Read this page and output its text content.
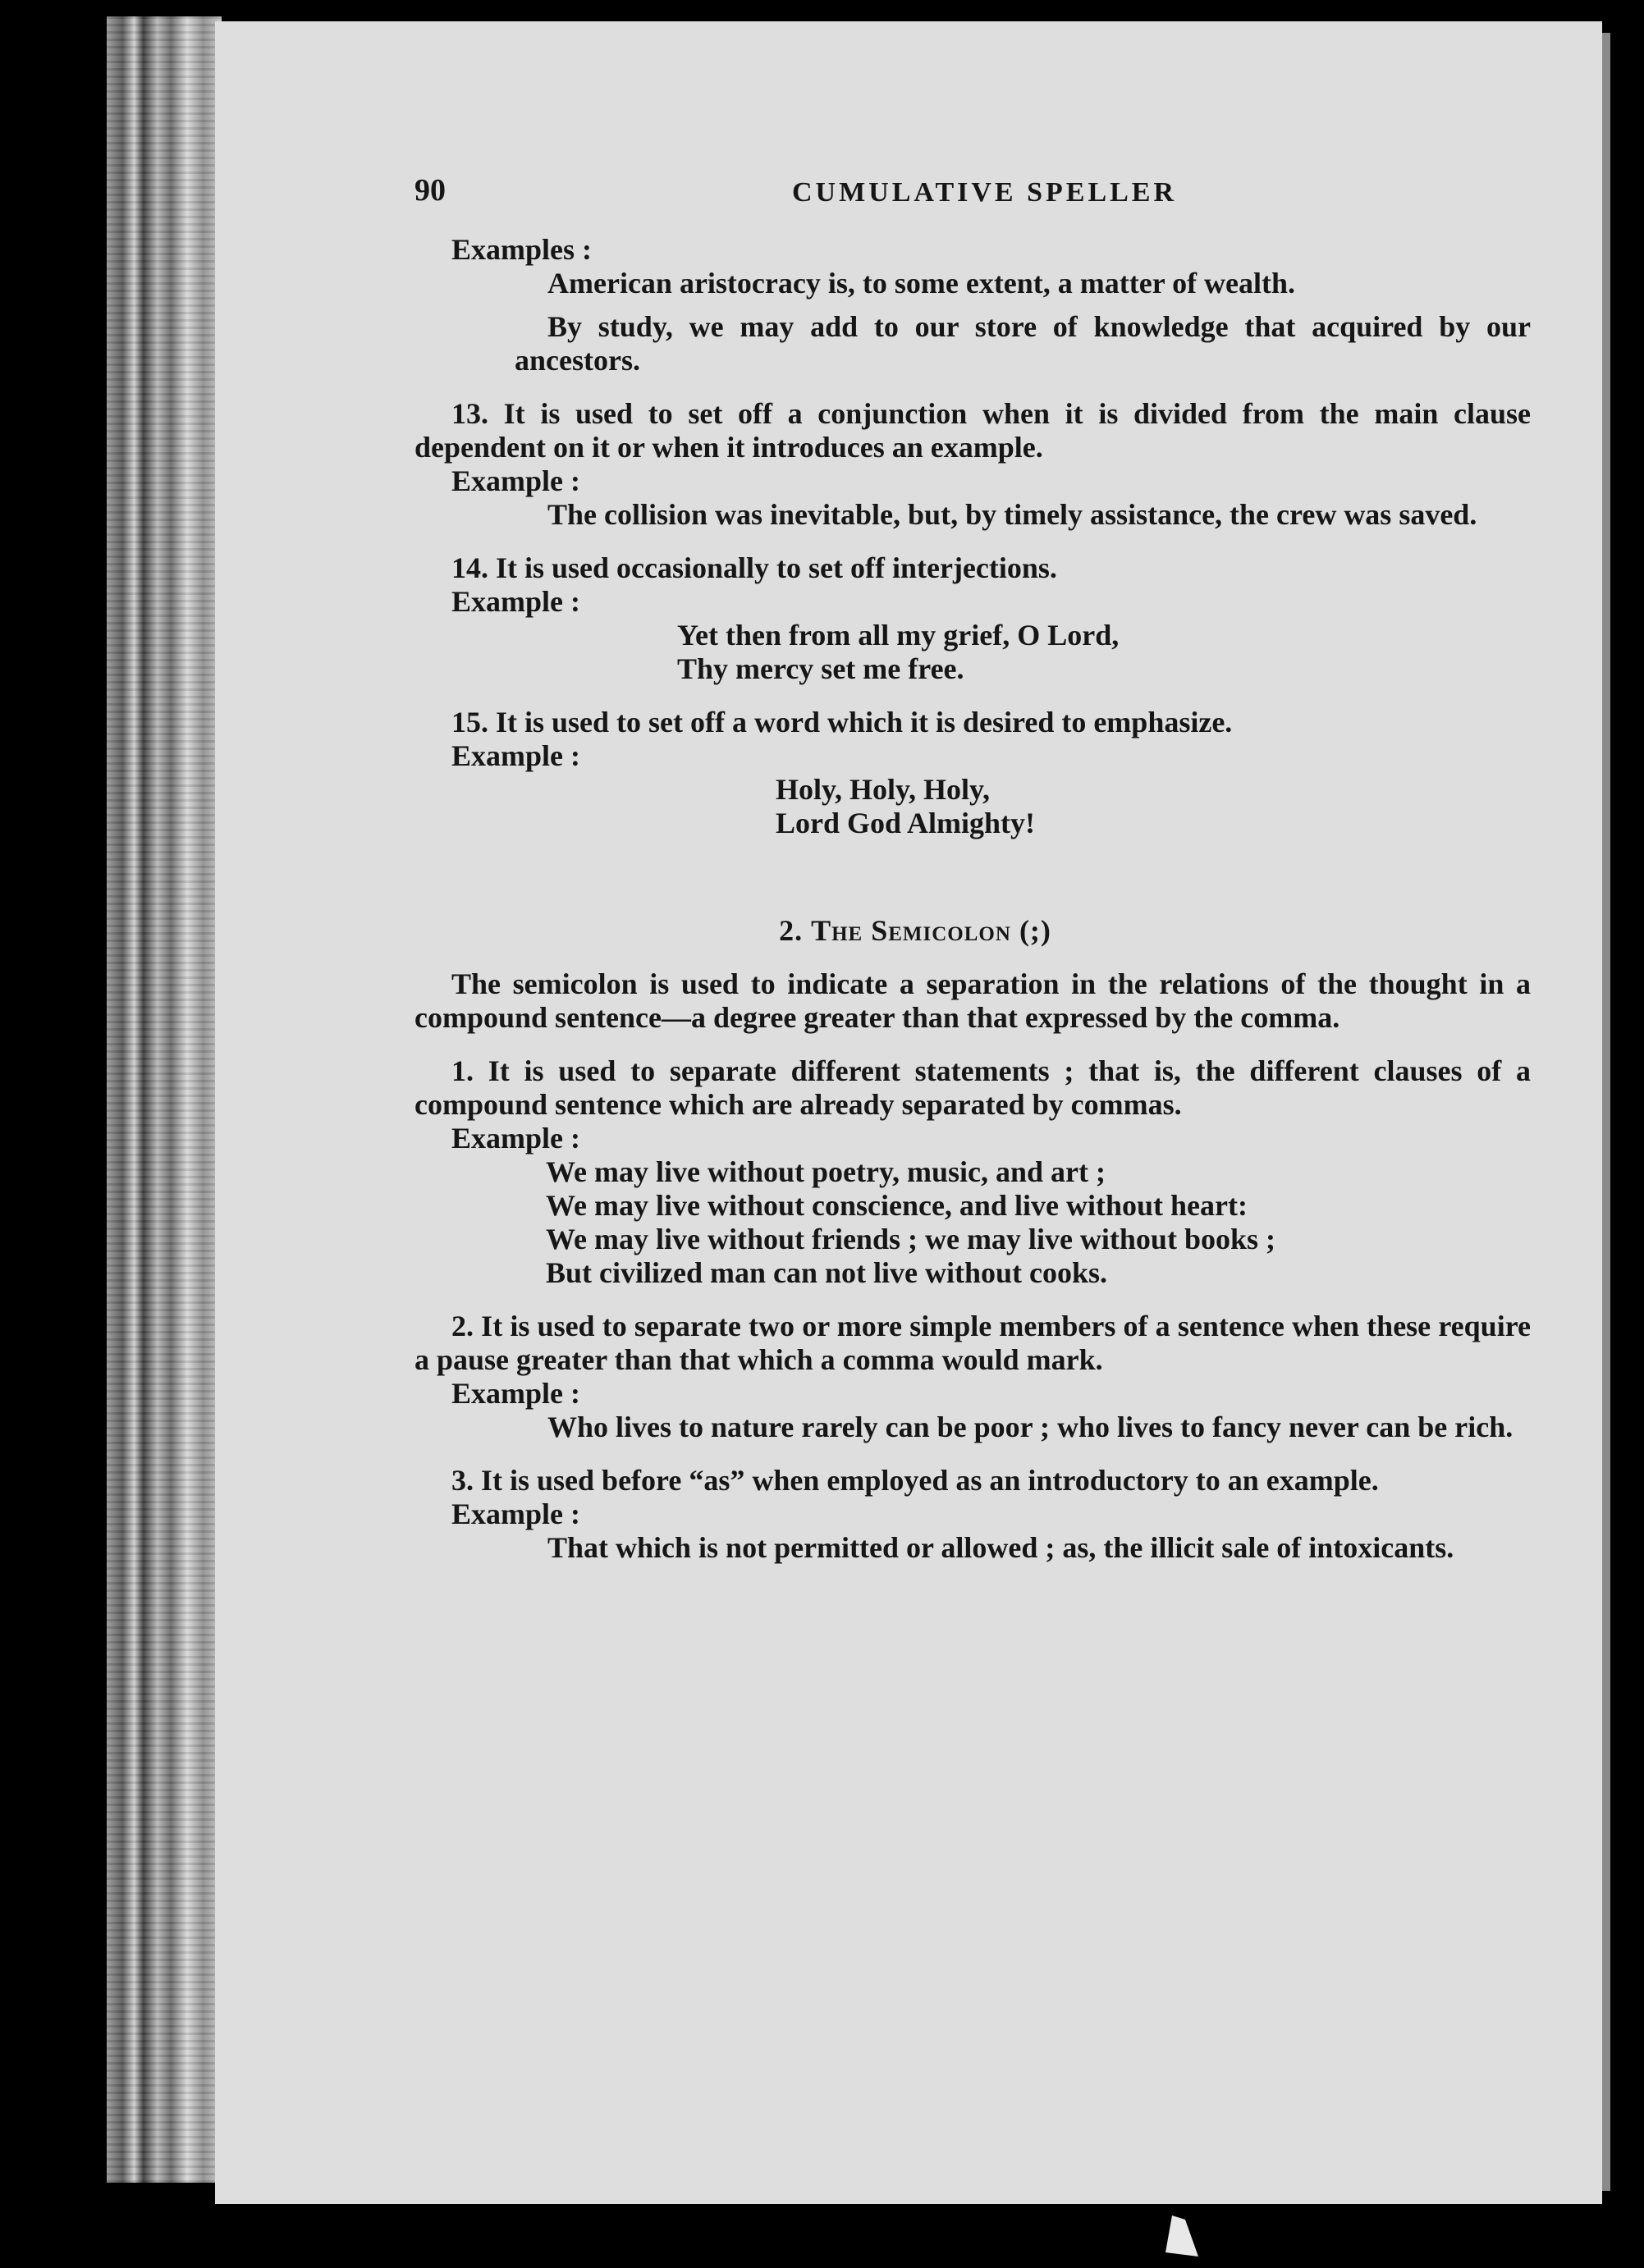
90	CUMULATIVE SPELLER

Examples :

American aristocracy is, to some extent, a matter of wealth.

By study, we may add to our store of knowledge that acquired by our ancestors.

13. It is used to set off a conjunction when it is divided from the main clause dependent on it or when it introduces an example.

Example :

The collision was inevitable, but, by timely assistance, the crew was saved.

14. It is used occasionally to set off interjections.

Example :

Yet then from all my grief, O Lord,

Thy mercy set me free.

15. It is used to set off a word which it is desired to emphasize.

Example :

Holy, Holy, Holy,

Lord God Almighty!

2. The Semicolon (;)

The semicolon is used to indicate a separation in the relations of the thought in a compound sentence—a degree greater than that expressed by the comma.

1. It is used to separate different statements ; that is, the different clauses of a compound sentence which are already separated by commas.

Example :

We may live without poetry, music, and art ;

We may live without conscience, and live without heart:

We may live without friends ; we may live without books ;

But civilized man can not live without cooks.

2. It is used to separate two or more simple members of a sentence when these require a pause greater than that which a comma would mark.

Example :

Who lives to nature rarely can be poor ; who lives to fancy never can be rich.

3. It is used before “as” when employed as an introductory to an example.

Example :

That which is not permitted or allowed ; as, the illicit sale of intoxicants.
